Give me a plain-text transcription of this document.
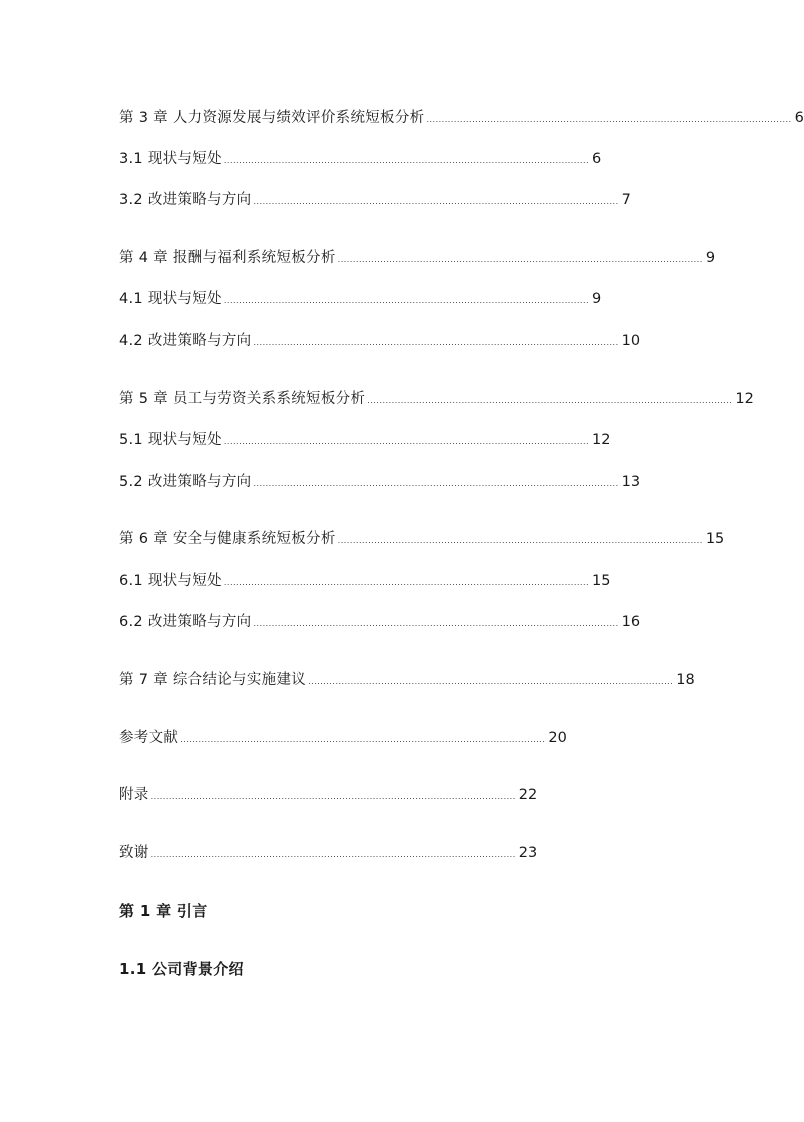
第 3 章 人力资源发展与绩效评价系统短板分析 ........................................................................................................................ 6
3.1 现状与短处 ........................................................................................................................ 6
3.2 改进策略与方向 ........................................................................................................................ 7
第 4 章 报酬与福利系统短板分析 ........................................................................................................................ 9
4.1 现状与短处 ........................................................................................................................ 9
4.2 改进策略与方向 ........................................................................................................................ 10
第 5 章 员工与劳资关系系统短板分析 ........................................................................................................................ 12
5.1 现状与短处 ........................................................................................................................ 12
5.2 改进策略与方向 ........................................................................................................................ 13
第 6 章 安全与健康系统短板分析 ........................................................................................................................ 15
6.1 现状与短处 ........................................................................................................................ 15
6.2 改进策略与方向 ........................................................................................................................ 16
第 7 章 综合结论与实施建议 ........................................................................................................................ 18
参考文献 ........................................................................................................................ 20
附录 ........................................................................................................................ 22
致谢 ........................................................................................................................ 23
第 1 章 引言
1.1 公司背景介绍
